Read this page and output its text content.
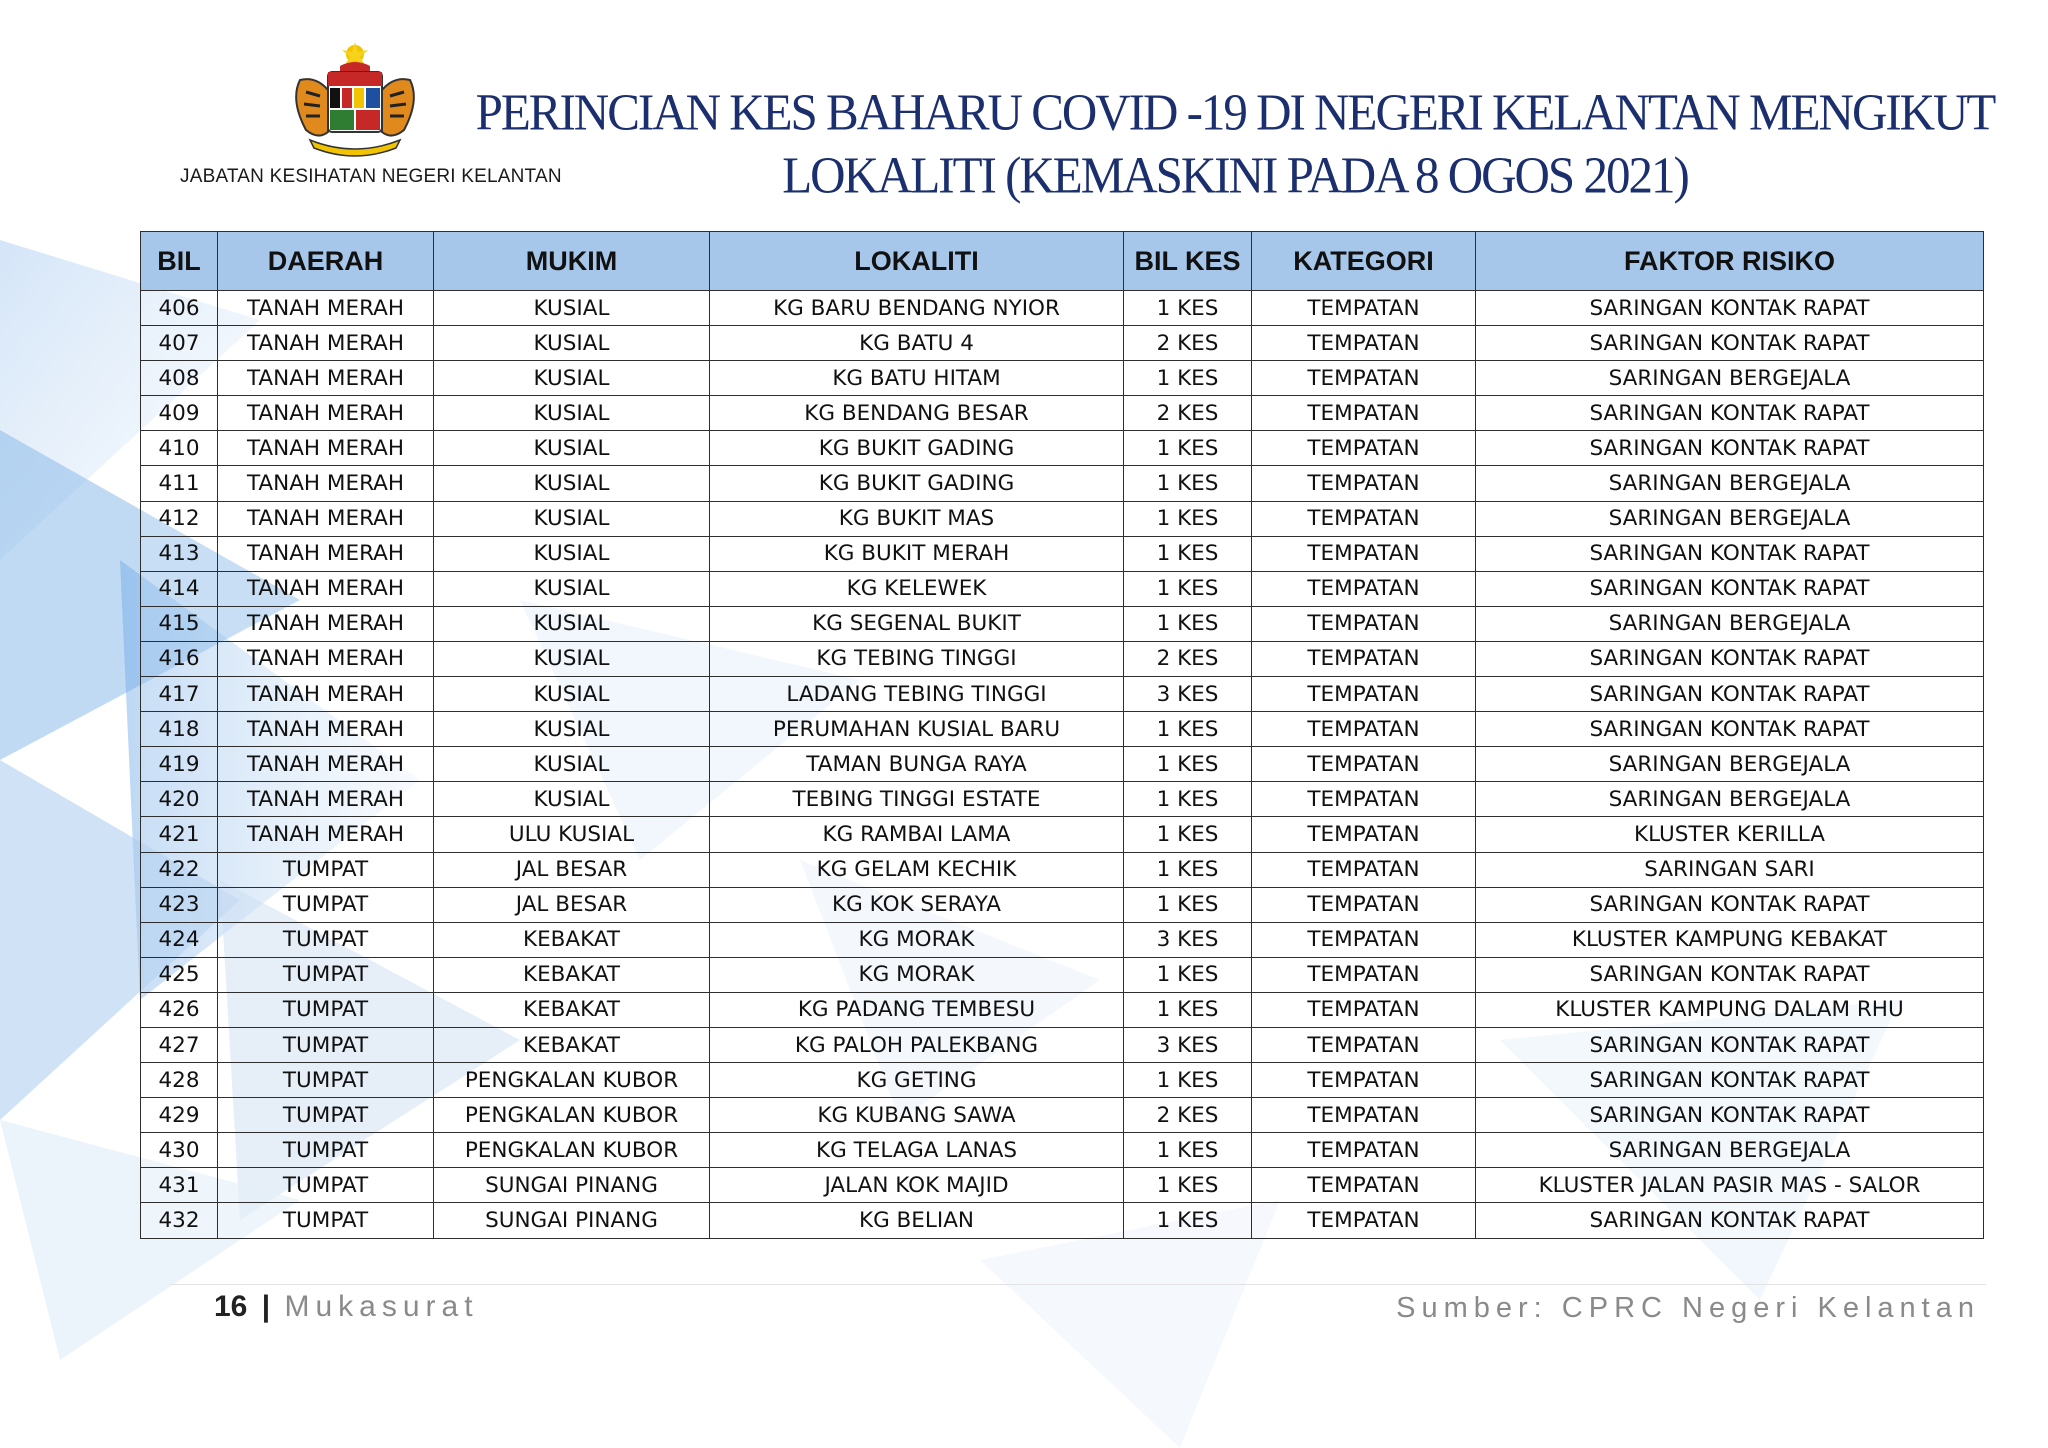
JABATAN KESIHATAN NEGERI KELANTAN
PERINCIAN KES BAHARU COVID -19 DI NEGERI KELANTAN MENGIKUT
LOKALITI (KEMASKINI PADA 8 OGOS 2021)
BIL	DAERAH	MUKIM	LOKALITI	BIL KES	KATEGORI	FAKTOR RISIKO
406	TANAH MERAH	KUSIAL	KG BARU BENDANG NYIOR	1 KES	TEMPATAN	SARINGAN KONTAK RAPAT
407	TANAH MERAH	KUSIAL	KG BATU 4	2 KES	TEMPATAN	SARINGAN KONTAK RAPAT
408	TANAH MERAH	KUSIAL	KG BATU HITAM	1 KES	TEMPATAN	SARINGAN BERGEJALA
409	TANAH MERAH	KUSIAL	KG BENDANG BESAR	2 KES	TEMPATAN	SARINGAN KONTAK RAPAT
410	TANAH MERAH	KUSIAL	KG BUKIT GADING	1 KES	TEMPATAN	SARINGAN KONTAK RAPAT
411	TANAH MERAH	KUSIAL	KG BUKIT GADING	1 KES	TEMPATAN	SARINGAN BERGEJALA
412	TANAH MERAH	KUSIAL	KG BUKIT MAS	1 KES	TEMPATAN	SARINGAN BERGEJALA
413	TANAH MERAH	KUSIAL	KG BUKIT MERAH	1 KES	TEMPATAN	SARINGAN KONTAK RAPAT
414	TANAH MERAH	KUSIAL	KG KELEWEK	1 KES	TEMPATAN	SARINGAN KONTAK RAPAT
415	TANAH MERAH	KUSIAL	KG SEGENAL BUKIT	1 KES	TEMPATAN	SARINGAN BERGEJALA
416	TANAH MERAH	KUSIAL	KG TEBING TINGGI	2 KES	TEMPATAN	SARINGAN KONTAK RAPAT
417	TANAH MERAH	KUSIAL	LADANG TEBING TINGGI	3 KES	TEMPATAN	SARINGAN KONTAK RAPAT
418	TANAH MERAH	KUSIAL	PERUMAHAN KUSIAL BARU	1 KES	TEMPATAN	SARINGAN KONTAK RAPAT
419	TANAH MERAH	KUSIAL	TAMAN BUNGA RAYA	1 KES	TEMPATAN	SARINGAN BERGEJALA
420	TANAH MERAH	KUSIAL	TEBING TINGGI ESTATE	1 KES	TEMPATAN	SARINGAN BERGEJALA
421	TANAH MERAH	ULU KUSIAL	KG RAMBAI LAMA	1 KES	TEMPATAN	KLUSTER KERILLA
422	TUMPAT	JAL BESAR	KG GELAM KECHIK	1 KES	TEMPATAN	SARINGAN SARI
423	TUMPAT	JAL BESAR	KG KOK SERAYA	1 KES	TEMPATAN	SARINGAN KONTAK RAPAT
424	TUMPAT	KEBAKAT	KG MORAK	3 KES	TEMPATAN	KLUSTER KAMPUNG KEBAKAT
425	TUMPAT	KEBAKAT	KG MORAK	1 KES	TEMPATAN	SARINGAN KONTAK RAPAT
426	TUMPAT	KEBAKAT	KG PADANG TEMBESU	1 KES	TEMPATAN	KLUSTER KAMPUNG DALAM RHU
427	TUMPAT	KEBAKAT	KG PALOH PALEKBANG	3 KES	TEMPATAN	SARINGAN KONTAK RAPAT
428	TUMPAT	PENGKALAN KUBOR	KG GETING	1 KES	TEMPATAN	SARINGAN KONTAK RAPAT
429	TUMPAT	PENGKALAN KUBOR	KG KUBANG SAWA	2 KES	TEMPATAN	SARINGAN KONTAK RAPAT
430	TUMPAT	PENGKALAN KUBOR	KG TELAGA LANAS	1 KES	TEMPATAN	SARINGAN BERGEJALA
431	TUMPAT	SUNGAI PINANG	JALAN KOK MAJID	1 KES	TEMPATAN	KLUSTER JALAN PASIR MAS - SALOR
432	TUMPAT	SUNGAI PINANG	KG BELIAN	1 KES	TEMPATAN	SARINGAN KONTAK RAPAT
16 | Mukasurat	Sumber: CPRC Negeri Kelantan
